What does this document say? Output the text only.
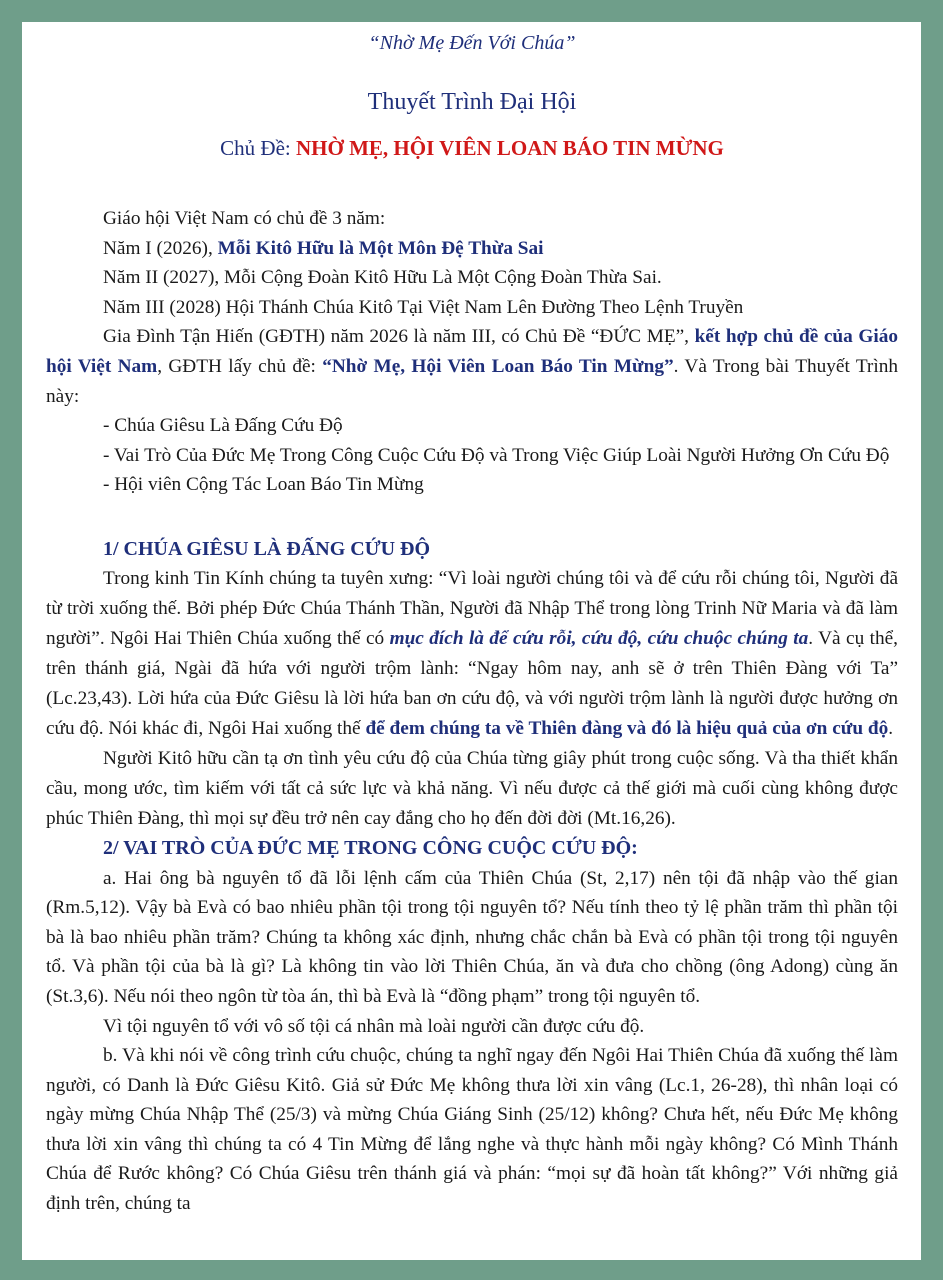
“Nhờ Mẹ Đến Với Chúa”
Thuyết Trình Đại Hội
Chủ Đề: NHỜ MẸ, HỘI VIÊN LOAN BÁO TIN MỪNG

Giáo hội Việt Nam có chủ đề 3 năm:

Năm I (2026), Mỗi Kitô Hữu là Một Môn Đệ Thừa Sai

Năm II (2027), Mỗi Cộng Đoàn Kitô Hữu Là Một Cộng Đoàn Thừa Sai.

Năm III (2028) Hội Thánh Chúa Kitô Tại Việt Nam Lên Đường Theo Lệnh Truyền

Gia Đình Tận Hiến (GĐTH) năm 2026 là năm III, có Chủ Đề “ĐỨC MẸ”, kết hợp chủ đề của Giáo hội Việt Nam, GĐTH lấy chủ đề: “Nhờ Mẹ, Hội Viên Loan Báo Tin Mừng”. Và Trong bài Thuyết Trình này:

- Chúa Giêsu Là Đấng Cứu Độ

- Vai Trò Của Đức Mẹ Trong Công Cuộc Cứu Độ và Trong Việc Giúp Loài Người Hưởng Ơn Cứu Độ

- Hội viên Cộng Tác Loan Báo Tin Mừng

1/ CHÚA GIÊSU LÀ ĐẤNG CỨU ĐỘ

Trong kinh Tin Kính chúng ta tuyên xưng: “Vì loài người chúng tôi và để cứu rỗi chúng tôi, Người đã từ trời xuống thế. Bởi phép Đức Chúa Thánh Thần, Người đã Nhập Thể trong lòng Trinh Nữ Maria và đã làm người”. Ngôi Hai Thiên Chúa xuống thế có mục đích là để cứu rỗi, cứu độ, cứu chuộc chúng ta. Và cụ thể, trên thánh giá, Ngài đã hứa với người trộm lành: “Ngay hôm nay, anh sẽ ở trên Thiên Đàng với Ta” (Lc.23,43). Lời hứa của Đức Giêsu là lời hứa ban ơn cứu độ, và với người trộm lành là người được hưởng ơn cứu độ. Nói khác đi, Ngôi Hai xuống thế để đem chúng ta về Thiên đàng và đó là hiệu quả của ơn cứu độ.

Người Kitô hữu cần tạ ơn tình yêu cứu độ của Chúa từng giây phút trong cuộc sống. Và tha thiết khẩn cầu, mong ước, tìm kiếm với tất cả sức lực và khả năng. Vì nếu được cả thế giới mà cuối cùng không được phúc Thiên Đàng, thì mọi sự đều trở nên cay đắng cho họ đến đời đời (Mt.16,26).

2/ VAI TRÒ CỦA ĐỨC MẸ TRONG CÔNG CUỘC CỨU ĐỘ:

a. Hai ông bà nguyên tổ đã lỗi lệnh cấm của Thiên Chúa (St, 2,17) nên tội đã nhập vào thế gian (Rm.5,12). Vậy bà Evà có bao nhiêu phần tội trong tội nguyên tổ? Nếu tính theo tỷ lệ phần trăm thì phần tội bà là bao nhiêu phần trăm? Chúng ta không xác định, nhưng chắc chắn bà Evà có phần tội trong tội nguyên tổ. Và phần tội của bà là gì? Là không tin vào lời Thiên Chúa, ăn và đưa cho chồng (ông Adong) cùng ăn (St.3,6). Nếu nói theo ngôn từ tòa án, thì bà Evà là “đồng phạm” trong tội nguyên tổ.

Vì tội nguyên tổ với vô số tội cá nhân mà loài người cần được cứu độ.

b. Và khi nói về công trình cứu chuộc, chúng ta nghĩ ngay đến Ngôi Hai Thiên Chúa đã xuống thế làm người, có Danh là Đức Giêsu Kitô. Giả sử Đức Mẹ không thưa lời xin vâng (Lc.1, 26-28), thì nhân loại có ngày mừng Chúa Nhập Thể (25/3) và mừng Chúa Giáng Sinh (25/12) không? Chưa hết, nếu Đức Mẹ không thưa lời xin vâng thì chúng ta có 4 Tin Mừng để lắng nghe và thực hành mỗi ngày không? Có Mình Thánh Chúa để Rước không? Có Chúa Giêsu trên thánh giá và phán: “mọi sự đã hoàn tất không?” Với những giả định trên, chúng ta
